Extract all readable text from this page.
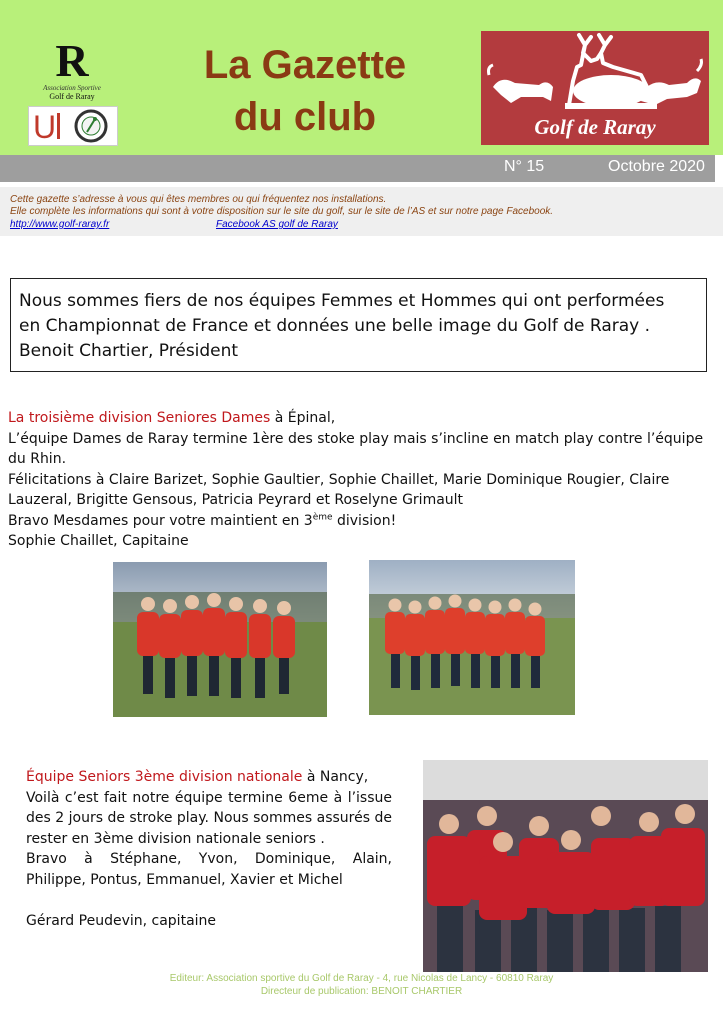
R
Association Sportive
Golf de Raray
U
La Gazette
du club	Golf de Raray
N° 15	Octobre 2020
Cette gazette s’adresse à vous qui êtes membres ou qui fréquentez nos installations.
Elle complète les informations qui sont à votre disposition sur le site du golf, sur le site de l’AS et sur notre page Facebook.
http://www.golf-raray.fr	Facebook AS golf de Raray
Nous sommes fiers de nos équipes Femmes et Hommes qui ont performées
en Championnat de France et données une belle image du Golf de Raray .
Benoit Chartier, Président
La troisième division Seniores Dames à Épinal,
L’équipe Dames de Raray termine 1ère des stoke play mais s’incline en match play contre l’équipe
du Rhin.
Félicitations à Claire Barizet, Sophie Gaultier, Sophie Chaillet, Marie Dominique Rougier, Claire
Lauzeral, Brigitte Gensous, Patricia Peyrard et Roselyne Grimault
Bravo Mesdames pour votre maintient en 3ème division!
Sophie Chaillet, Capitaine
Équipe Seniors 3ème division nationale à Nancy,
Voilà c’est fait notre équipe termine 6eme à l’issue
des 2 jours de stroke play. Nous sommes assurés de
rester en 3ème division nationale seniors .
Bravo à Stéphane, Yvon, Dominique, Alain,
Philippe, Pontus, Emmanuel, Xavier et Michel
Gérard Peudevin, capitaine
Editeur: Association sportive du Golf de Raray - 4, rue Nicolas de Lancy - 60810 Raray
Directeur de publication: BENOIT CHARTIER
